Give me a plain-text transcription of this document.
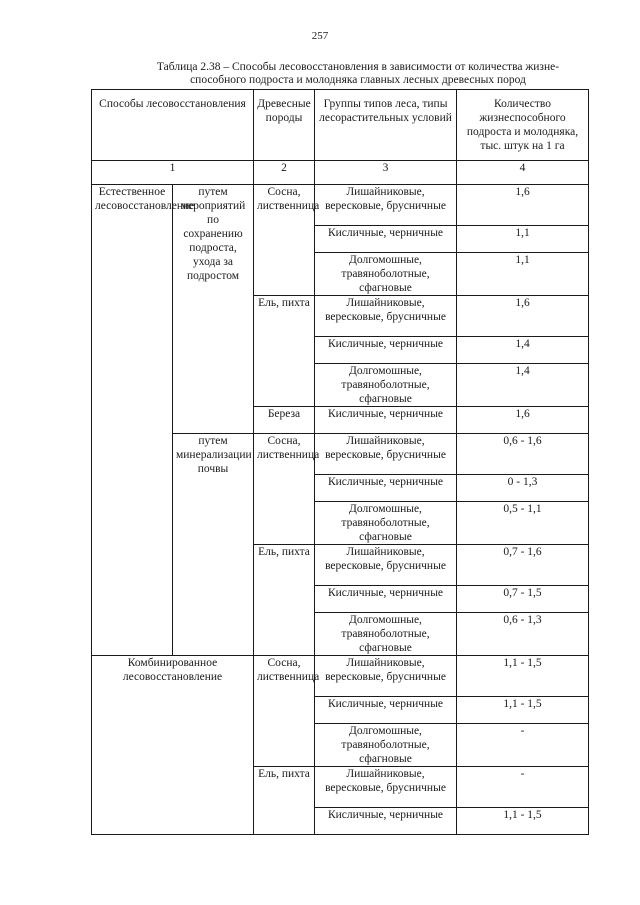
257
Таблица 2.38 – Способы лесовосстановления в зависимости от количества жизне-
способного подроста и молодняка главных лесных древесных пород
Способы лесовосстановления		Древесные породы	Группы типов леса, типы лесорастительных условий	Количество жизнеспособного подроста и молодняка, тыс. штук на 1 га
1		2	3	4
Естественное лесовосстановление	путем мероприятий по сохранению подроста, ухода за подростом	Сосна, лиственница	Лишайниковые, вересковые, брусничные	1,6
			Кисличные, черничные	1,1
			Долгомошные, травяноболотные, сфагновые	1,1
		Ель, пихта	Лишайниковые, вересковые, брусничные	1,6
			Кисличные, черничные	1,4
			Долгомошные, травяноболотные, сфагновые	1,4
		Береза	Кисличные, черничные	1,6
	путем минерализации почвы	Сосна, лиственница	Лишайниковые, вересковые, брусничные	0,6 - 1,6
			Кисличные, черничные	0 - 1,3
			Долгомошные, травяноболотные, сфагновые	0,5 - 1,1
		Ель, пихта	Лишайниковые, вересковые, брусничные	0,7 - 1,6
			Кисличные, черничные	0,7 - 1,5
			Долгомошные, травяноболотные, сфагновые	0,6 - 1,3
Комбинированное лесовосстановление		Сосна, лиственница	Лишайниковые, вересковые, брусничные	1,1 - 1,5
			Кисличные, черничные	1,1 - 1,5
			Долгомошные, травяноболотные, сфагновые	-
		Ель, пихта	Лишайниковые, вересковые, брусничные	-
			Кисличные, черничные	1,1 - 1,5
